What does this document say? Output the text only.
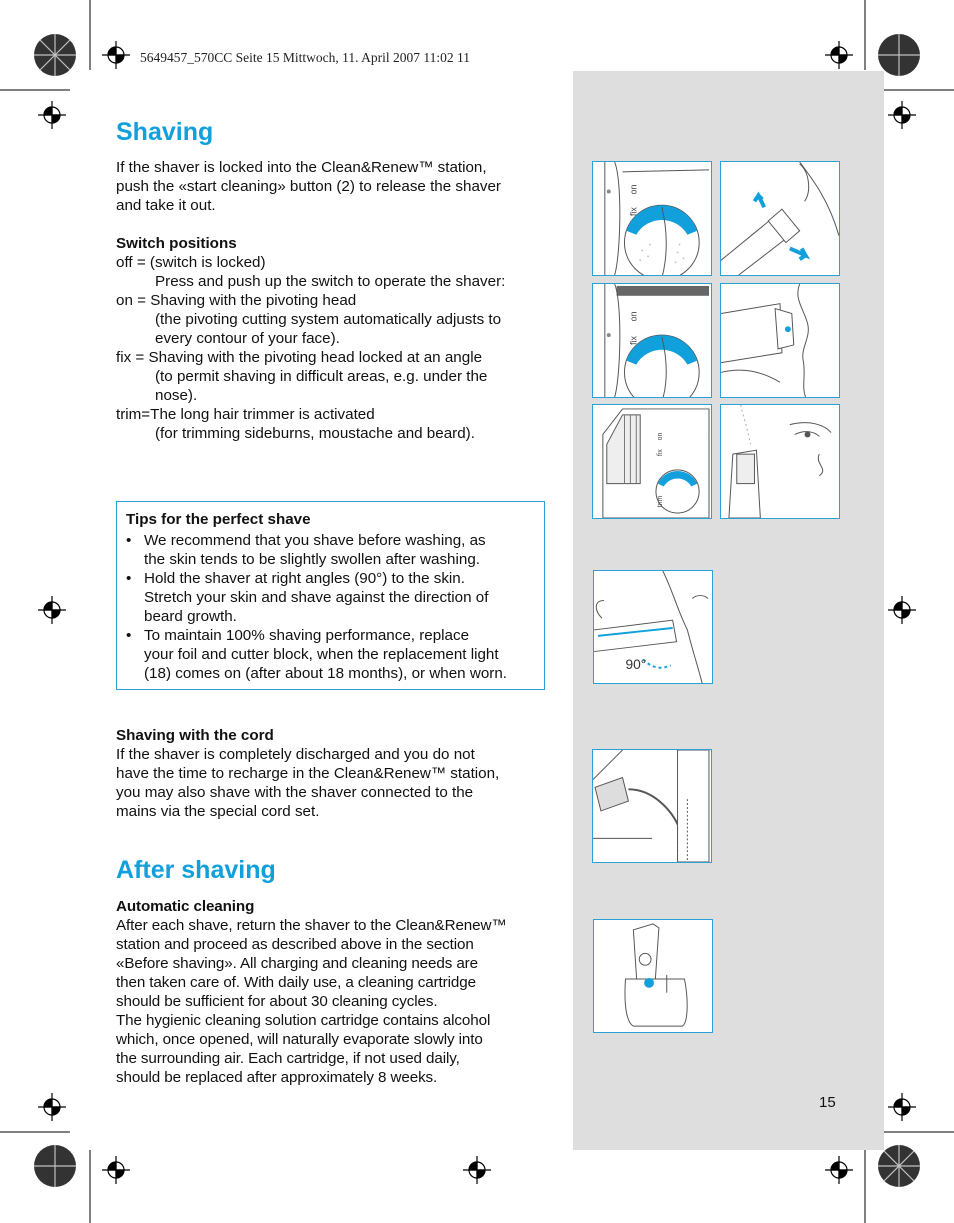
5649457_570CC Seite 15 Mittwoch, 11. April 2007 11:02 11
Shaving

If the shaver is locked into the Clean&Renew™ station,

push the «start cleaning» button (2) to release the shaver

and take it out.

Switch positions

off = (switch is locked)

Press and push up the switch to operate the shaver:

on = Shaving with the pivoting head

(the pivoting cutting system automatically adjusts to

every contour of your face).

fix = Shaving with the pivoting head locked at an angle

(to permit shaving in difficult areas, e.g. under the

nose).

trim=The long hair trimmer is activated

(for trimming sideburns, moustache and beard).

Tips for the perfect shave
• We recommend that you shave before washing, as
the skin tends to be slightly swollen after washing.
• Hold the shaver at right angles (90°) to the skin.
Stretch your skin and shave against the direction of
beard growth.
• To maintain 100% shaving performance, replace
your foil and cutter block, when the replacement light
(18) comes on (after about 18 months), or when worn.

Shaving with the cord

If the shaver is completely discharged and you do not

have the time to recharge in the Clean&Renew™ station,

you may also shave with the shaver connected to the

mains via the special cord set.

After shaving

Automatic cleaning

After each shave, return the shaver to the Clean&Renew™

station and proceed as described above in the section

«Before shaving». All charging and cleaning needs are

then taken care of. With daily use, a cleaning cartridge

should be sufficient for about 30 cleaning cycles.

The hygienic cleaning solution cartridge contains alcohol

which, once opened, will naturally evaporate slowly into

the surrounding air. Each cartridge, if not used daily,

should be replaced after approximately 8 weeks.

fix
on
fix
on
on
fix
trim
90°
15
